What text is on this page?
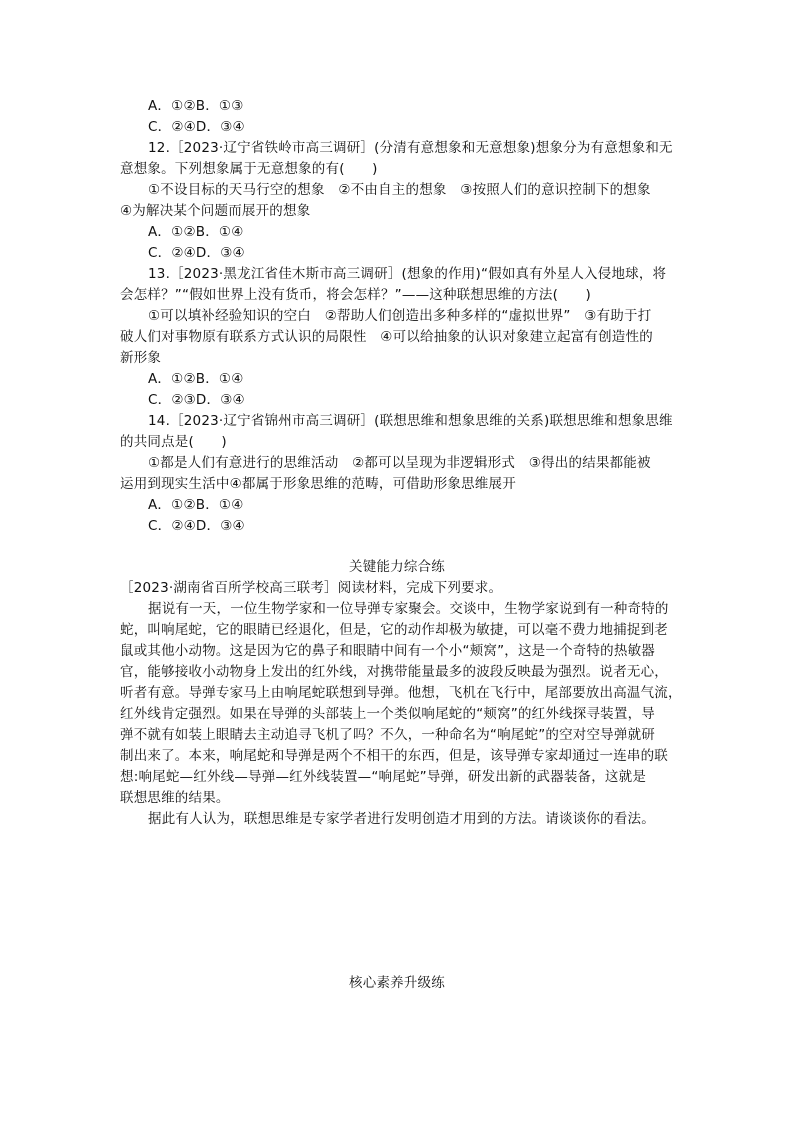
A．①②B．①③
C．②④D．③④
12.［2023·辽宁省铁岭市高三调研］(分清有意想象和无意想象)想象分为有意想象和无
意想象。下列想象属于无意想象的有(　　)
①不设目标的天马行空的想象　②不由自主的想象　③按照人们的意识控制下的想象
④为解决某个问题而展开的想象
A．①②B．①④
C．②④D．③④
13.［2023·黑龙江省佳木斯市高三调研］(想象的作用)“假如真有外星人入侵地球，将
会怎样？”“假如世界上没有货币，将会怎样？”——这种联想思维的方法(　　)
①可以填补经验知识的空白　②帮助人们创造出多种多样的“虚拟世界”　③有助于打
破人们对事物原有联系方式认识的局限性　④可以给抽象的认识对象建立起富有创造性的
新形象
A．①②B．①④
C．②③D．③④
14.［2023·辽宁省锦州市高三调研］(联想思维和想象思维的关系)联想思维和想象思维
的共同点是(　　)
①都是人们有意进行的思维活动　②都可以呈现为非逻辑形式　③得出的结果都能被
运用到现实生活中④都属于形象思维的范畴，可借助形象思维展开
A．①②B．①④
C．②④D．③④
关键能力综合练
［2023·湖南省百所学校高三联考］阅读材料，完成下列要求。
据说有一天，一位生物学家和一位导弹专家聚会。交谈中，生物学家说到有一种奇特的
蛇，叫响尾蛇，它的眼睛已经退化，但是，它的动作却极为敏捷，可以毫不费力地捕捉到老
鼠或其他小动物。这是因为它的鼻子和眼睛中间有一个小“颊窝”，这是一个奇特的热敏器
官，能够接收小动物身上发出的红外线，对携带能量最多的波段反映最为强烈。说者无心，
听者有意。导弹专家马上由响尾蛇联想到导弹。他想，飞机在飞行中，尾部要放出高温气流，
红外线肯定强烈。如果在导弹的头部装上一个类似响尾蛇的“颊窝”的红外线探寻装置，导
弹不就有如装上眼睛去主动追寻飞机了吗？不久，一种命名为“响尾蛇”的空对空导弹就研
制出来了。本来，响尾蛇和导弹是两个不相干的东西，但是，该导弹专家却通过一连串的联
想:响尾蛇—红外线—导弹—红外线装置—“响尾蛇”导弹，研发出新的武器装备，这就是
联想思维的结果。
据此有人认为，联想思维是专家学者进行发明创造才用到的方法。请谈谈你的看法。
核心素养升级练
